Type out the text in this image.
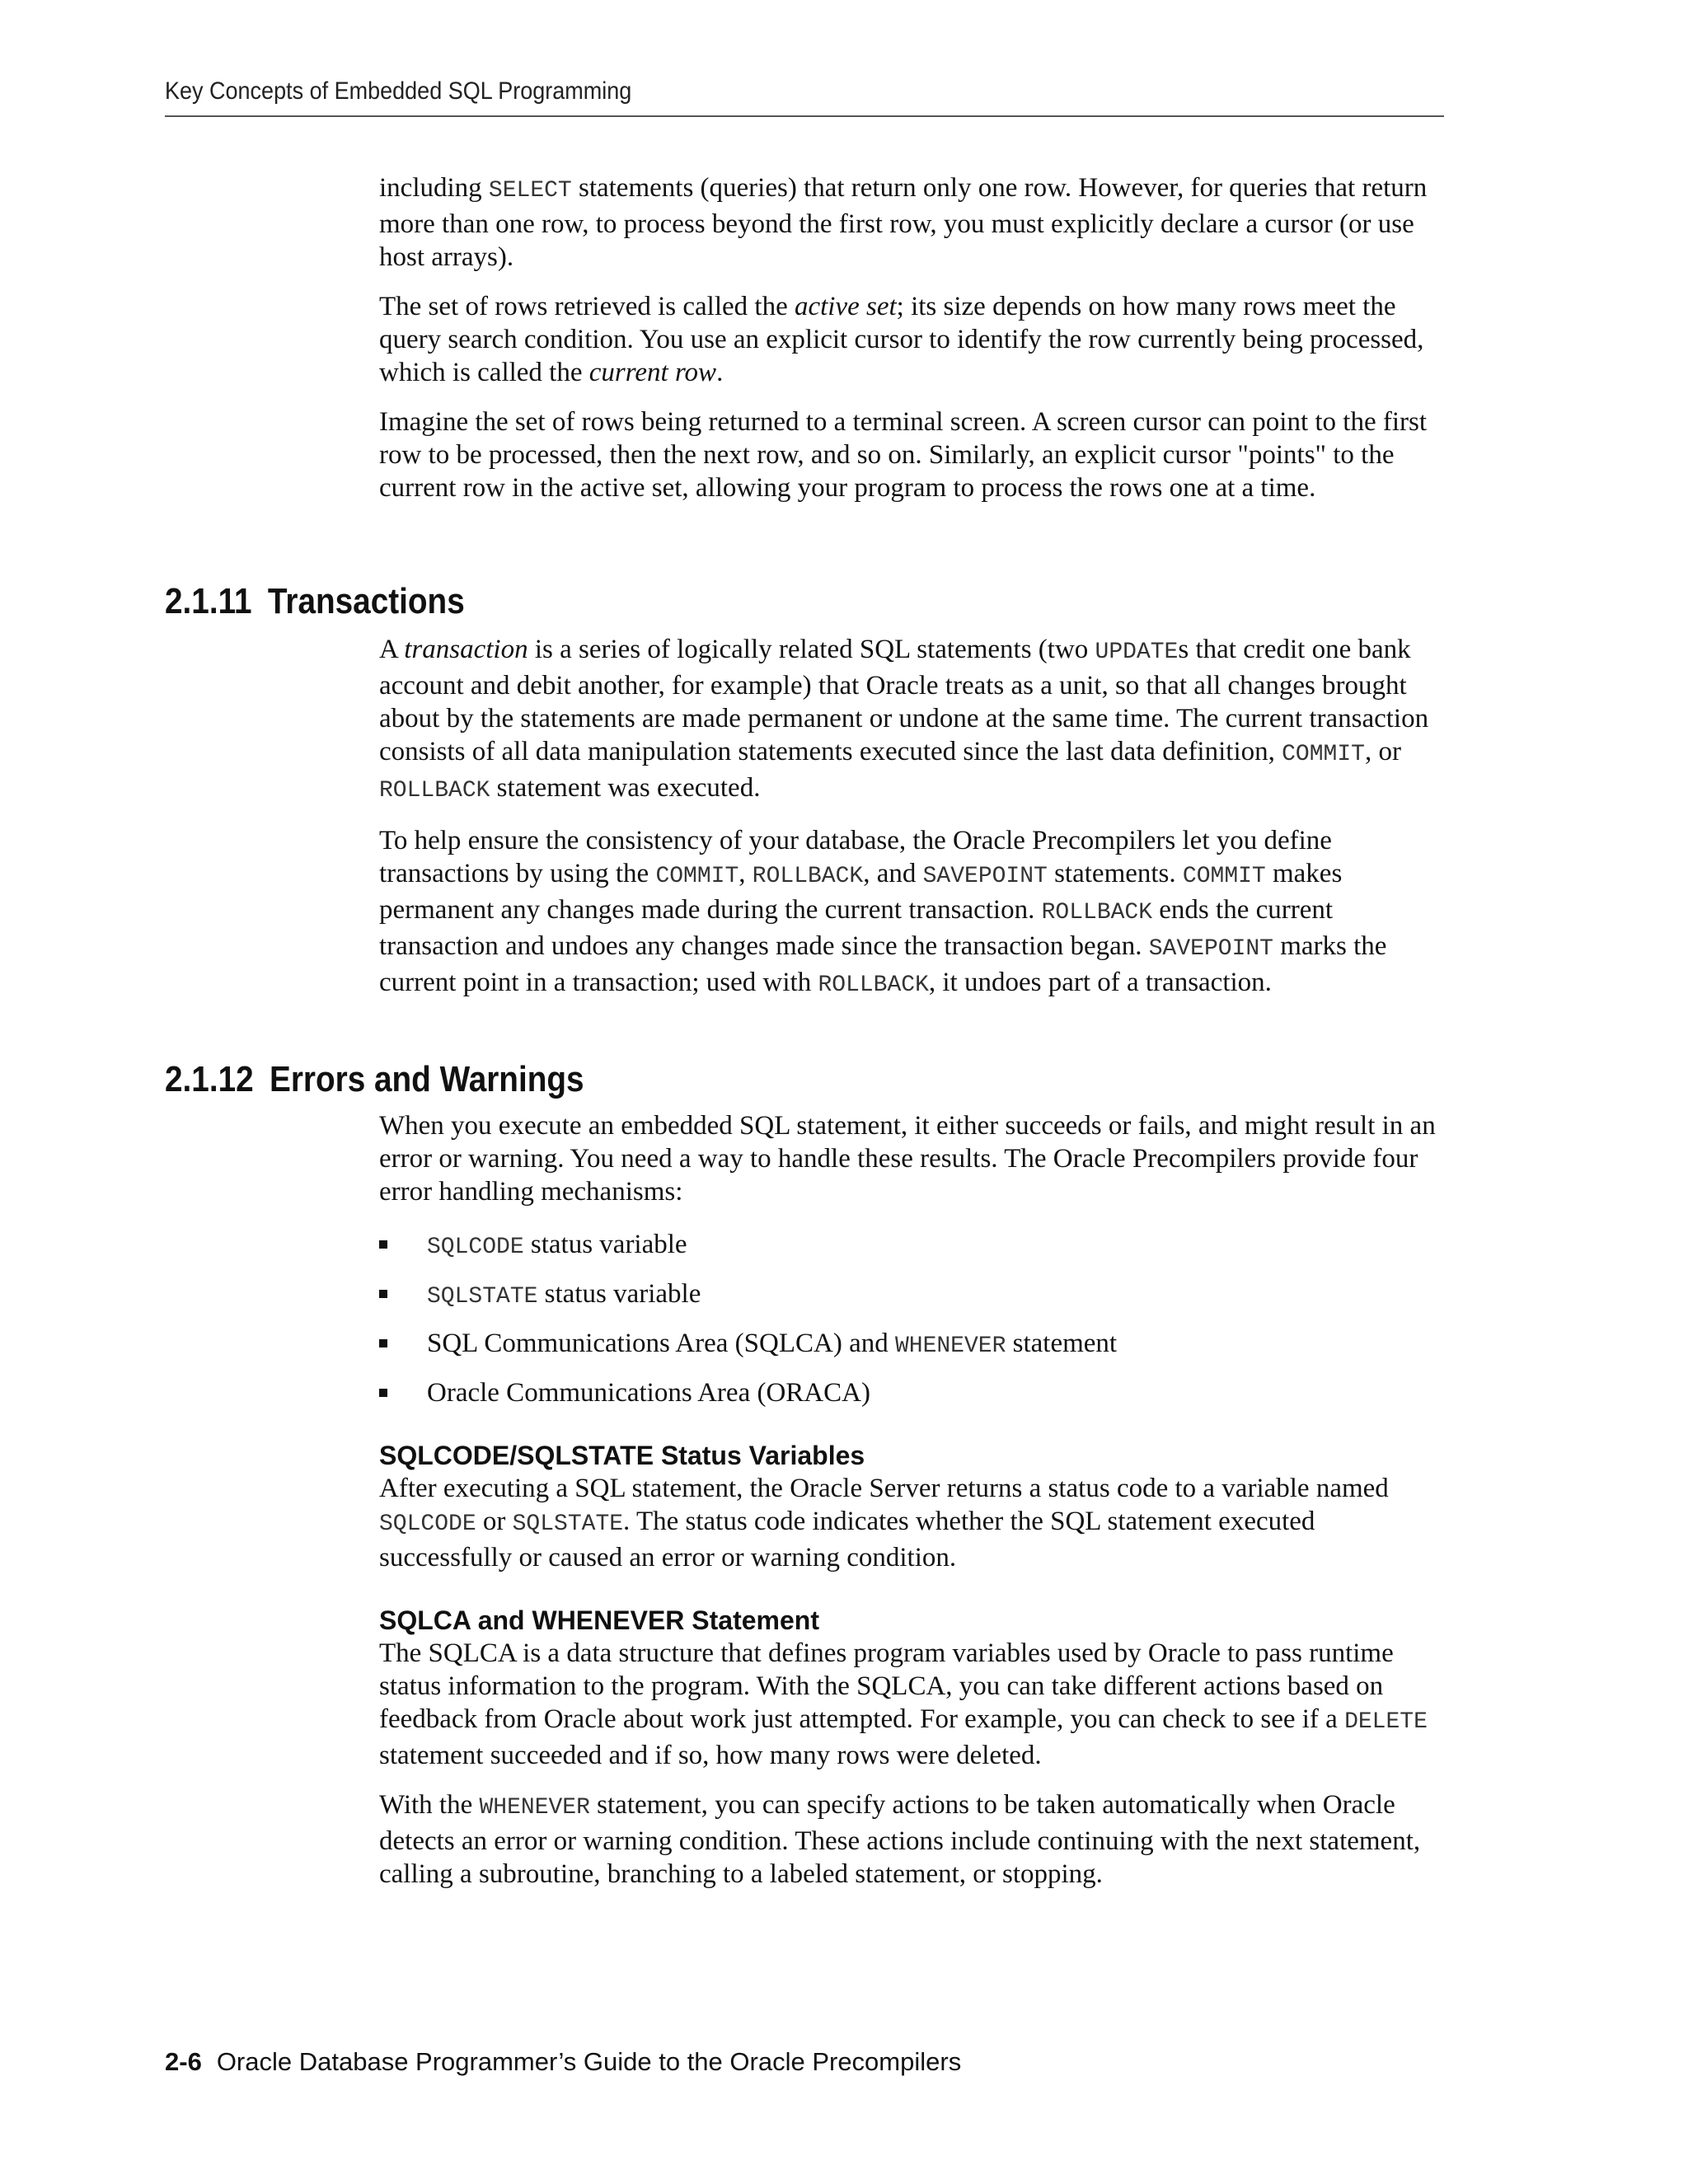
Key Concepts of Embedded SQL Programming

including SELECT statements (queries) that return only one row. However, for queries that return more than one row, to process beyond the first row, you must explicitly declare a cursor (or use host arrays).

The set of rows retrieved is called the active set; its size depends on how many rows meet the query search condition. You use an explicit cursor to identify the row currently being processed, which is called the current row.

Imagine the set of rows being returned to a terminal screen. A screen cursor can point to the first row to be processed, then the next row, and so on. Similarly, an explicit cursor "points" to the current row in the active set, allowing your program to process the rows one at a time.

2.1.11 Transactions

A transaction is a series of logically related SQL statements (two UPDATEs that credit one bank account and debit another, for example) that Oracle treats as a unit, so that all changes brought about by the statements are made permanent or undone at the same time. The current transaction consists of all data manipulation statements executed since the last data definition, COMMIT, or ROLLBACK statement was executed.

To help ensure the consistency of your database, the Oracle Precompilers let you define transactions by using the COMMIT, ROLLBACK, and SAVEPOINT statements. COMMIT makes permanent any changes made during the current transaction. ROLLBACK ends the current transaction and undoes any changes made since the transaction began. SAVEPOINT marks the current point in a transaction; used with ROLLBACK, it undoes part of a transaction.

2.1.12 Errors and Warnings

When you execute an embedded SQL statement, it either succeeds or fails, and might result in an error or warning. You need a way to handle these results. The Oracle Precompilers provide four error handling mechanisms:

SQLCODE status variable
SQLSTATE status variable
SQL Communications Area (SQLCA) and WHENEVER statement
Oracle Communications Area (ORACA)
SQLCODE/SQLSTATE Status Variables

After executing a SQL statement, the Oracle Server returns a status code to a variable named SQLCODE or SQLSTATE. The status code indicates whether the SQL statement executed successfully or caused an error or warning condition.

SQLCA and WHENEVER Statement

The SQLCA is a data structure that defines program variables used by Oracle to pass runtime status information to the program. With the SQLCA, you can take different actions based on feedback from Oracle about work just attempted. For example, you can check to see if a DELETE statement succeeded and if so, how many rows were deleted.

With the WHENEVER statement, you can specify actions to be taken automatically when Oracle detects an error or warning condition. These actions include continuing with the next statement, calling a subroutine, branching to a labeled statement, or stopping.

2-6 Oracle Database Programmer’s Guide to the Oracle Precompilers
